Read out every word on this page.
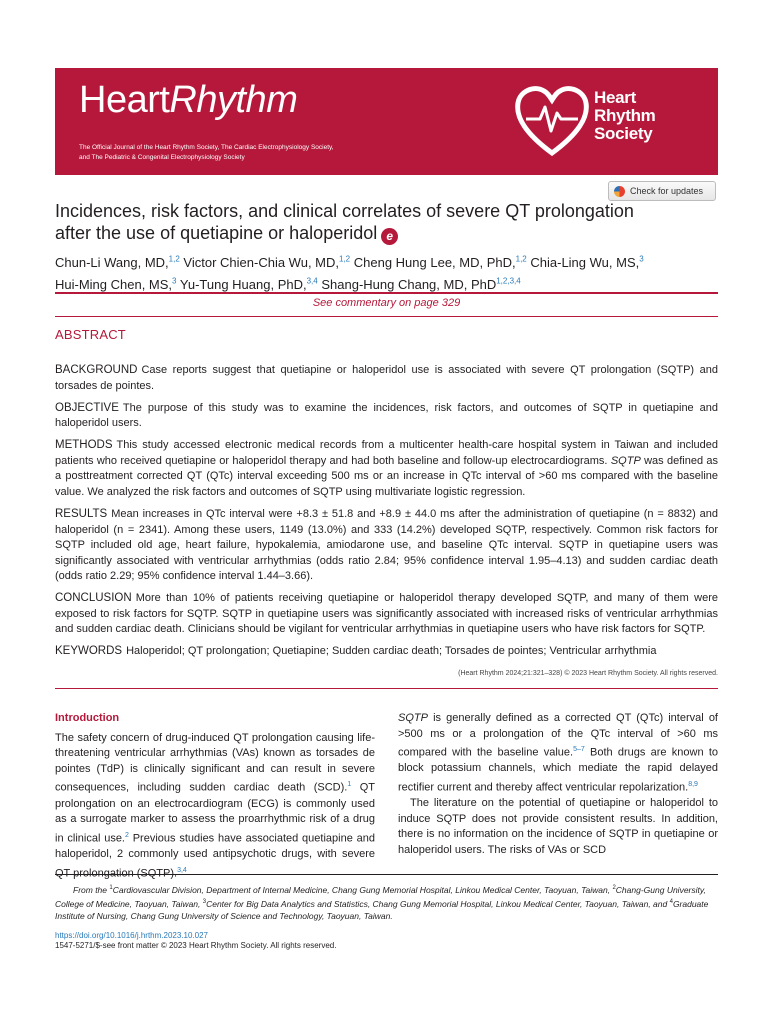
HeartRhythm
The Official Journal of the Heart Rhythm Society, The Cardiac Electrophysiology Society,
and The Pediatric & Congenital Electrophysiology Society
Heart
Rhythm
Society
Check for updates
Incidences, risk factors, and clinical correlates of severe QT prolongation after the use of quetiapine or haloperidol e
Chun-Li Wang, MD,$^{1,2}$ Victor Chien-Chia Wu, MD,$^{1,2}$ Cheng Hung Lee, MD, PhD,$^{1,2}$ Chia-Ling Wu, MS,$^3$
Hui-Ming Chen, MS,$^3$ Yu-Tung Huang, PhD,$^{3,4}$ Shang-Hung Chang, MD, PhD$^{1,2,3,4}$
See commentary on page 329
ABSTRACT

BACKGROUND Case reports suggest that quetiapine or haloperidol use is associated with severe QT prolongation (SQTP) and torsades de pointes.

OBJECTIVE The purpose of this study was to examine the incidences, risk factors, and outcomes of SQTP in quetiapine and haloperidol users.

METHODS This study accessed electronic medical records from a multicenter health-care hospital system in Taiwan and included patients who received quetiapine or haloperidol therapy and had both baseline and follow-up electrocardiograms. SQTP was defined as a posttreatment corrected QT (QTc) interval exceeding 500 ms or an increase in QTc interval of >60 ms compared with the baseline value. We analyzed the risk factors and outcomes of SQTP using multivariate logistic regression.

RESULTS Mean increases in QTc interval were +8.3 ± 51.8 and +8.9 ± 44.0 ms after the administration of quetiapine (n = 8832) and haloperidol (n = 2341). Among these users, 1149 (13.0%) and 333 (14.2%) developed SQTP, respectively. Common risk factors for SQTP included old age, heart failure, hypokalemia, amiodarone use, and baseline QTc interval. SQTP in quetiapine users was significantly associated with ventricular arrhythmias (odds ratio 2.84; 95% confidence interval 1.95–4.13) and sudden cardiac death (odds ratio 2.29; 95% confidence interval 1.44–3.66).

CONCLUSION More than 10% of patients receiving quetiapine or haloperidol therapy developed SQTP, and many of them were exposed to risk factors for SQTP. SQTP in quetiapine users was significantly associated with increased risks of ventricular arrhythmias and sudden cardiac death. Clinicians should be vigilant for ventricular arrhythmias in quetiapine users who have risk factors for SQTP.

KEYWORDS Haloperidol; QT prolongation; Quetiapine; Sudden cardiac death; Torsades de pointes; Ventricular arrhythmia

(Heart Rhythm 2024;21:321–328) © 2023 Heart Rhythm Society. All rights reserved.
Introduction

The safety concern of drug-induced QT prolongation causing life-threatening ventricular arrhythmias (VAs) known as torsades de pointes (TdP) is clinically significant and can result in severe consequences, including sudden cardiac death (SCD).$^1$ QT prolongation on an electrocardiogram (ECG) is commonly used as a surrogate marker to assess the proarrhythmic risk of a drug in clinical use.$^2$ Previous studies have associated quetiapine and haloperidol, 2 commonly used antipsychotic drugs, with severe $^{3,4}$

SQTP is generally defined as a corrected QT (QTc) interval of >500 ms or a prolongation of the QTc interval of >60 ms compared with the baseline value.$^{5-7}$ Both drugs are known to block potassium channels, which mediate the rapid delayed rectifier current and thereby affect ventricular repolarization.$^{8,9}$

The literature on the potential of quetiapine or haloperidol to induce SQTP does not provide consistent results. In addition, there is no information on the incidence of SQTP in quetiapine or haloperidol users. The risks of VAs or SCD

From the $^1$Cardiovascular Division, Department of Internal Medicine, Chang Gung Memorial Hospital, Linkou Medical Center, Taoyuan, Taiwan, $^2$Chang-Gung University, College of Medicine, Taoyuan, Taiwan, $^3$Center for Big Data Analytics and Statistics, Chang Gung Memorial Hospital, Linkou Medical Center, Taoyuan, Taiwan, and $^4$Graduate Institute of Nursing, Chang Gung University of Science and Technology, Taoyuan, Taiwan.
https://doi.org/10.1016/j.hrthm.2023.10.027
1547-5271/$-see front matter © 2023 Heart Rhythm Society. All rights reserved.
